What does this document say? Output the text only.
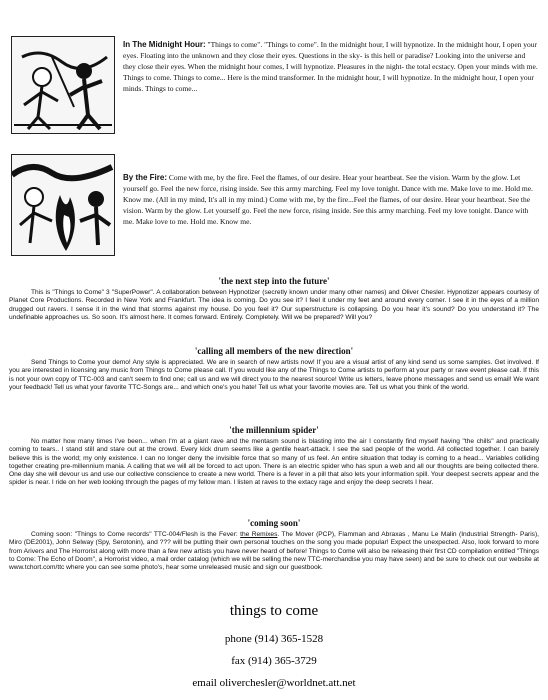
In The Midnight Hour: "Things to come". "Things to come". In the midnight hour, I will hypnotize. In the midnight hour, I open your eyes. Floating into the unknown and they close their eyes. Questions in the sky- is this hell or paradise? Looking into the universe and they close their eyes. When the midnight hour comes, I will hypnotize. Pleasures in the night- the total ecstacy. Open your minds with me. Things to come. Things to come... Here is the mind transformer. In the midnight hour, I will hypnotize. In the midnight hour, I open your minds. Things to come...
By the Fire: Come with me, by the fire. Feel the flames, of our desire. Hear your heartbeat. See the vision. Warm by the glow. Let yourself go. Feel the new force, rising inside. See this army marching. Feel my love tonight. Dance with me. Make love to me. Hold me. Know me. (All in my mind, It's all in my mind.) Come with me, by the fire...Feel the flames, of our desire. Hear your heartbeat. See the vision. Warm by the glow. Let yourself go. Feel the new force, rising inside. See this army marching. Feel my love tonight. Dance with me. Make love to me. Hold me. Know me.
'the next step into the future'

This is "Things to Come" 3 "SuperPower". A collaboration between Hypnotizer (secretly known under many other names) and Oliver Chesler. Hypnotizer appears courtesy of Planet Core Productions. Recorded in New York and Frankfurt. The idea is coming. Do you see it? I feel it under my feet and around every corner. I see it in the eyes of a million drugged out ravers. I sense it in the wind that storms against my house. Do you feel it? Our superstructure is collapsing. Do you hear it's sound? Do you understand it? The undefinable approaches us. So soon. It's almost here. It comes forward. Entirely. Completely. Will we be prepared? Will you?

'calling all members of the new direction'

Send Things to Come your demo! Any style is appreciated. We are in search of new artists now! If you are a visual artist of any kind send us some samples. Get involved. If you are interested in licensing any music from Things to Come please call. If you would like any of the Things to Come artists to perform at your party or rave event please call. If this is not your own copy of TTC-003 and can't seem to find one; call us and we will direct you to the nearest source! Write us letters, leave phone messages and send us email! We want your feedback! Tell us what your favorite TTC-Songs are... and which one's you hate! Tell us what your favorite movies are. Tell us what you think of the world.

'the millennium spider'

No matter how many times I've been... when I'm at a giant rave and the mentasm sound is blasting into the air I constantly find myself having "the chills" and practically coming to tears.. I stand still and stare out at the crowd. Every kick drum seems like a gentile heart-attack. I see the sad people of the world. All collected together. I can barely believe this is the world; my only existence. I can no longer deny the invisible force that so many of us feel. An entire situation that today is coming to a head... Variables colliding together creating pre-millennium mania. A calling that we will all be forced to act upon. There is an electric spider who has spun a web and all our thoughts are being collected there. One day she will devour us and use our collective conscience to create a new world. There is a fever in a pill that also lets your information spill. Your deepest secrets appear and the spider is near. I ride on her web looking through the pages of my fellow man. I listen at raves to the extacy rage and enjoy the deep secrets I hear.

'coming soon'

Coming soon: "Things to Come records" TTC-004/Flesh is the Fever: the Remixes. The Mover (PCP), Flamman and Abraxas , Manu Le Malin (Industrial Strength- Paris), Miro (DE2001), John Selway (Spy, Serotonin), and ??? will be putting their own personal touches on the song you made popular! Expect the unexpected. Also, look forward to more from Arivers and The Horrorist along with more than a few new artists you have never heard of before! Things to Come will also be releasing their first CD compilation entitled "Things to Come: The Echo of Doom", a Horrorist video, a mail order catalog (which we will be selling the new TTC-merchandise you may have seen) and be sure to check out our website at www.tchort.com/ttc where you can see some photo's, hear some unreleased music and sign our guestbook.

things to come
phone (914) 365-1528
fax (914) 365-3729
email oliverchesler@worldnet.att.net
